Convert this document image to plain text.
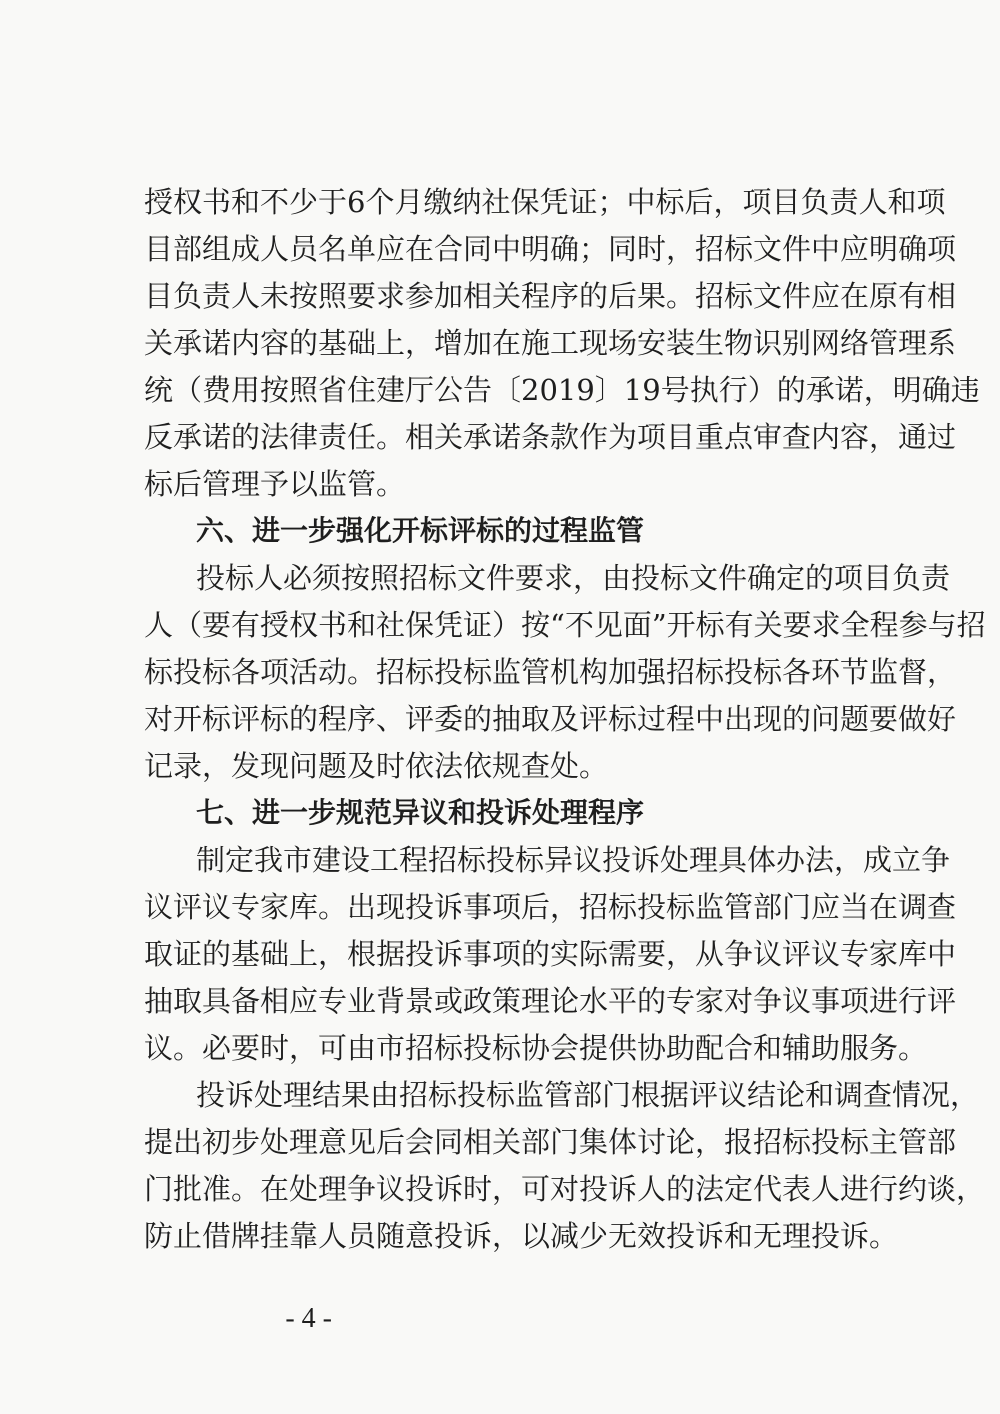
授权书和不少于6个月缴纳社保凭证；中标后，项目负责人和项
目部组成人员名单应在合同中明确；同时，招标文件中应明确项
目负责人未按照要求参加相关程序的后果。招标文件应在原有相
关承诺内容的基础上，增加在施工现场安装生物识别网络管理系
统（费用按照省住建厅公告〔2019〕19号执行）的承诺，明确违
反承诺的法律责任。相关承诺条款作为项目重点审查内容，通过
标后管理予以监管。
六、进一步强化开标评标的过程监管
投标人必须按照招标文件要求，由投标文件确定的项目负责
人（要有授权书和社保凭证）按“不见面”开标有关要求全程参与招
标投标各项活动。招标投标监管机构加强招标投标各环节监督，
对开标评标的程序、评委的抽取及评标过程中出现的问题要做好
记录，发现问题及时依法依规查处。
七、进一步规范异议和投诉处理程序
制定我市建设工程招标投标异议投诉处理具体办法，成立争
议评议专家库。出现投诉事项后，招标投标监管部门应当在调查
取证的基础上，根据投诉事项的实际需要，从争议评议专家库中
抽取具备相应专业背景或政策理论水平的专家对争议事项进行评
议。必要时，可由市招标投标协会提供协助配合和辅助服务。
投诉处理结果由招标投标监管部门根据评议结论和调查情况，
提出初步处理意见后会同相关部门集体讨论，报招标投标主管部
门批准。在处理争议投诉时，可对投诉人的法定代表人进行约谈，
防止借牌挂靠人员随意投诉，以减少无效投诉和无理投诉。
- 4 -
